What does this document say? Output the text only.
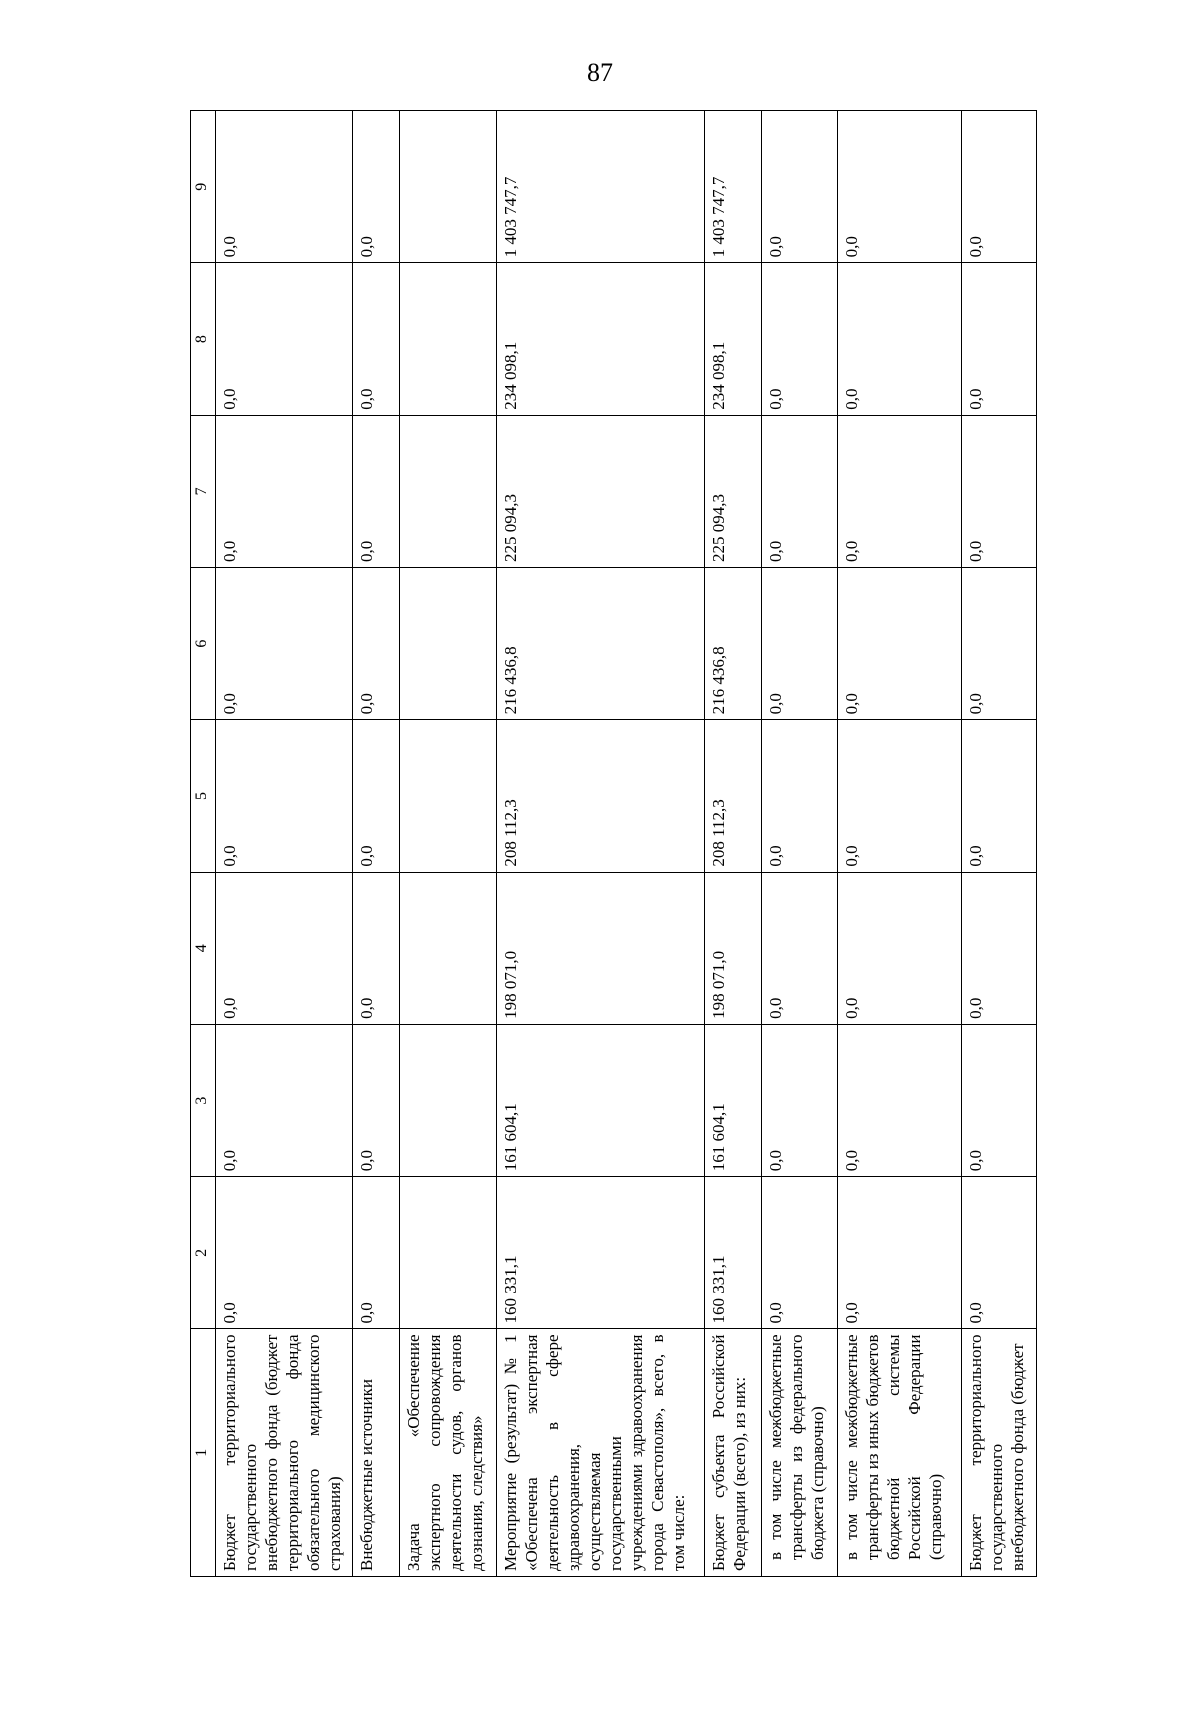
87
1	2	3	4	5	6	7	8	9
Бюджет территориального государственного внебюджетного фонда (бюджет территориального фонда обязательного медицинского страхования)	0,0	0,0	0,0	0,0	0,0	0,0	0,0	0,0
Внебюджетные источники	0,0	0,0	0,0	0,0	0,0	0,0	0,0	0,0
Задача «Обеспечение экспертного сопровождения деятельности судов, органов дознания, следствия»								
Мероприятие (результат) № 1 «Обеспечена экспертная деятельность в сфере здравоохранения, осуществляемая государственными учреждениями здравоохранения города Севастополя», всего, в том числе:	160 331,1	161 604,1	198 071,0	208 112,3	216 436,8	225 094,3	234 098,1	1 403 747,7
Бюджет субъекта Российской Федерации (всего), из них:	160 331,1	161 604,1	198 071,0	208 112,3	216 436,8	225 094,3	234 098,1	1 403 747,7
в том числе межбюджетные трансферты из федерального бюджета (справочно)	0,0	0,0	0,0	0,0	0,0	0,0	0,0	0,0
в том числе межбюджетные трансферты из иных бюджетов бюджетной системы Российской Федерации (справочно)	0,0	0,0	0,0	0,0	0,0	0,0	0,0	0,0
Бюджет территориального государственного внебюджетного фонда (бюджет	0,0	0,0	0,0	0,0	0,0	0,0	0,0	0,0
